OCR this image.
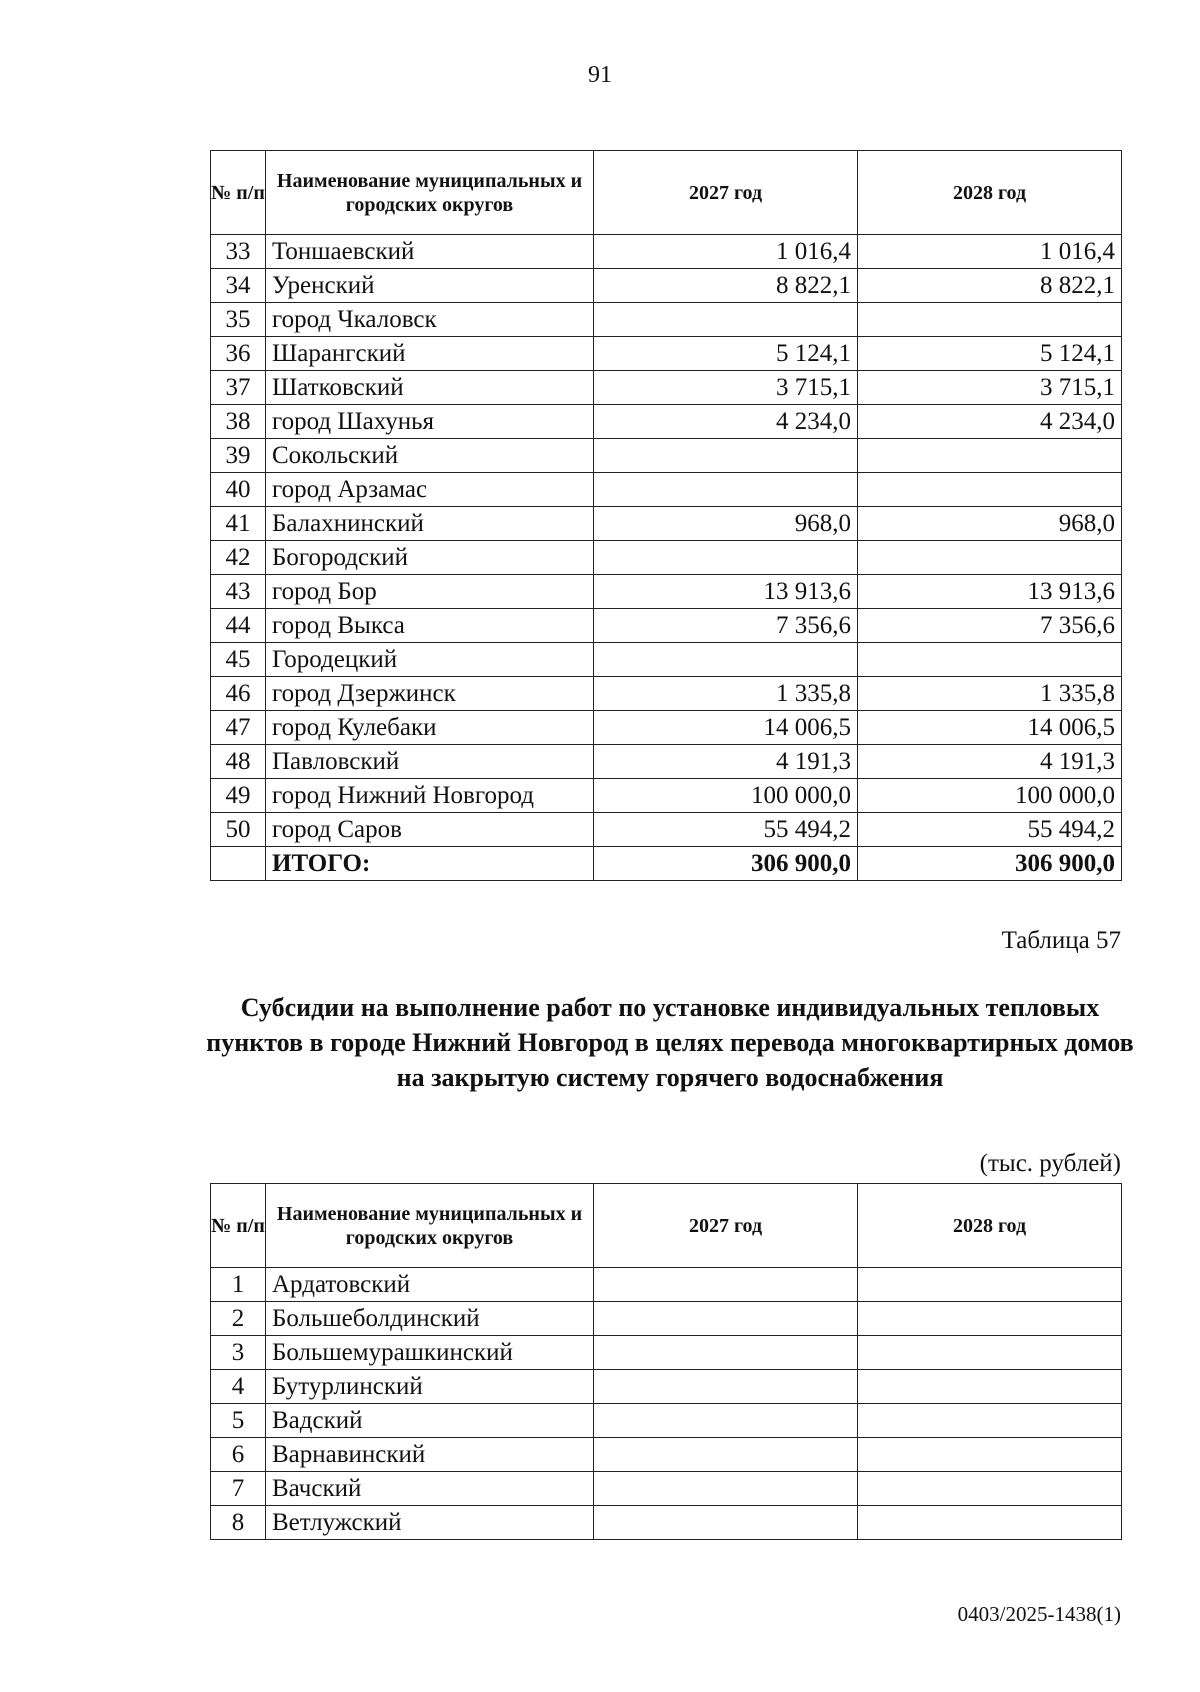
91
№ п/п	Наименование муниципальных и городских округов	2027 год	2028 год
33	Тоншаевский	1 016,4	1 016,4
34	Уренский	8 822,1	8 822,1
35	город Чкаловск		
36	Шарангский	5 124,1	5 124,1
37	Шатковский	3 715,1	3 715,1
38	город Шахунья	4 234,0	4 234,0
39	Сокольский		
40	город Арзамас		
41	Балахнинский	968,0	968,0
42	Богородский		
43	город Бор	13 913,6	13 913,6
44	город Выкса	7 356,6	7 356,6
45	Городецкий		
46	город Дзержинск	1 335,8	1 335,8
47	город Кулебаки	14 006,5	14 006,5
48	Павловский	4 191,3	4 191,3
49	город Нижний Новгород	100 000,0	100 000,0
50	город Саров	55 494,2	55 494,2
	ИТОГО:	306 900,0	306 900,0
Таблица 57
Субсидии на выполнение работ по установке индивидуальных тепловых пунктов в городе Нижний Новгород в целях перевода многоквартирных домов на закрытую систему горячего водоснабжения
(тыс. рублей)
№ п/п	Наименование муниципальных и городских округов	2027 год	2028 год
1	Ардатовский		
2	Большеболдинский		
3	Большемурашкинский		
4	Бутурлинский		
5	Вадский		
6	Варнавинский		
7	Вачский		
8	Ветлужский		
0403/2025-1438(1)
